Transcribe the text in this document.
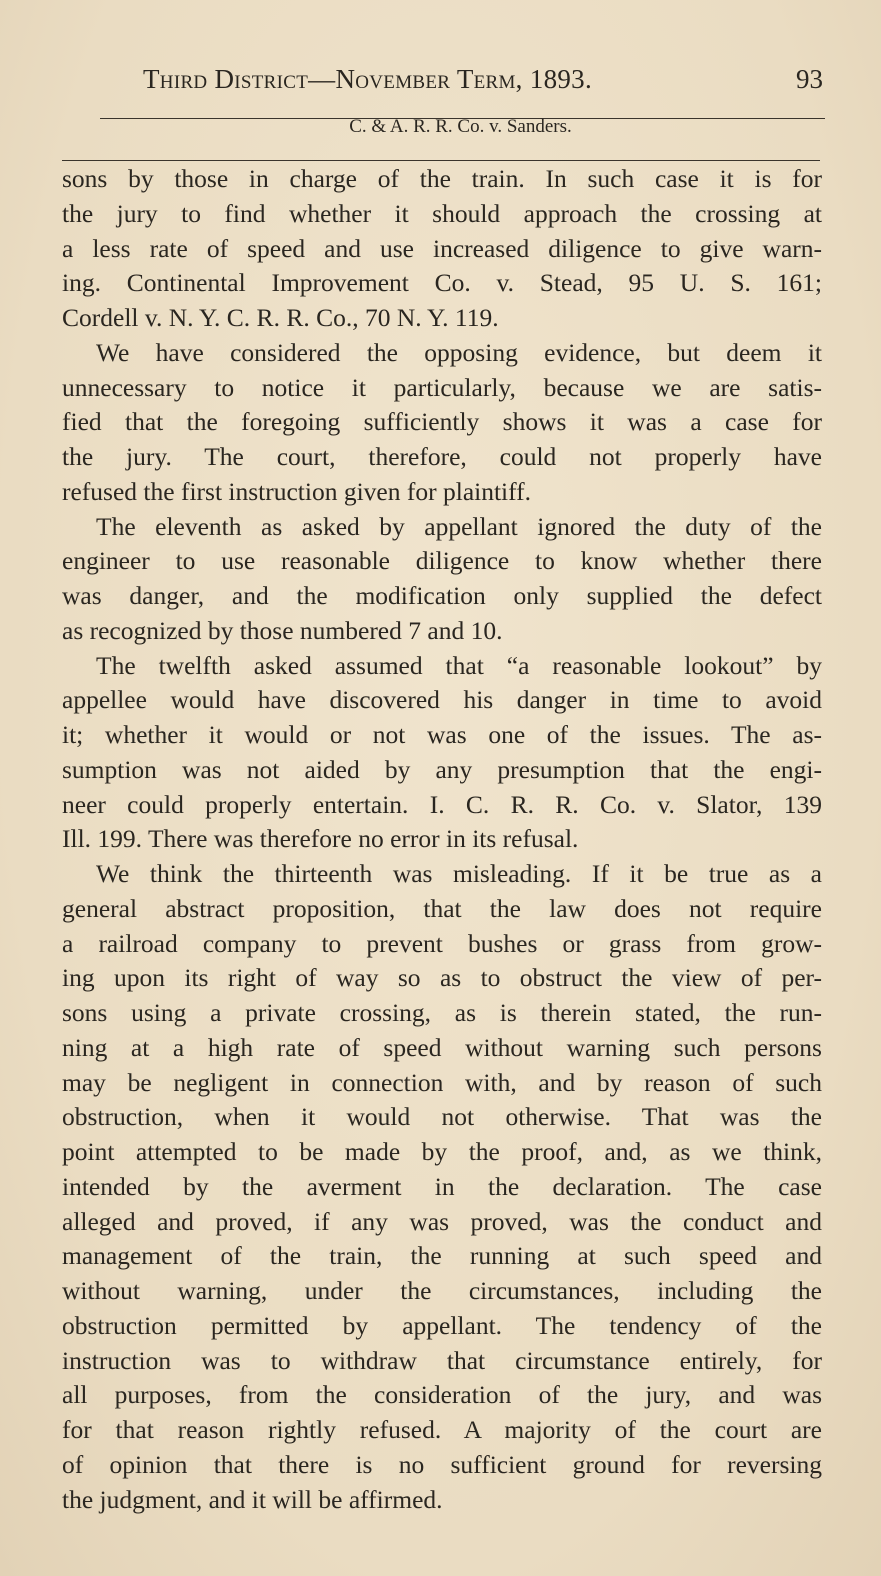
Third District—November Term, 1893.	93
C. & A. R. R. Co. v. Sanders.
sons by those in charge of the train. In such case it is for
the jury to find whether it should approach the crossing at
a less rate of speed and use increased diligence to give warn-
ing. Continental Improvement Co. v. Stead, 95 U. S. 161;
Cordell v. N. Y. C. R. R. Co., 70 N. Y. 119.
We have considered the opposing evidence, but deem it
unnecessary to notice it particularly, because we are satis-
fied that the foregoing sufficiently shows it was a case for
the jury. The court, therefore, could not properly have
refused the first instruction given for plaintiff.
The eleventh as asked by appellant ignored the duty of the
engineer to use reasonable diligence to know whether there
was danger, and the modification only supplied the defect
as recognized by those numbered 7 and 10.
The twelfth asked assumed that “a reasonable lookout” by
appellee would have discovered his danger in time to avoid
it; whether it would or not was one of the issues. The as-
sumption was not aided by any presumption that the engi-
neer could properly entertain. I. C. R. R. Co. v. Slator, 139
Ill. 199. There was therefore no error in its refusal.
We think the thirteenth was misleading. If it be true as a
general abstract proposition, that the law does not require
a railroad company to prevent bushes or grass from grow-
ing upon its right of way so as to obstruct the view of per-
sons using a private crossing, as is therein stated, the run-
ning at a high rate of speed without warning such persons
may be negligent in connection with, and by reason of such
obstruction, when it would not otherwise. That was the
point attempted to be made by the proof, and, as we think,
intended by the averment in the declaration. The case
alleged and proved, if any was proved, was the conduct and
management of the train, the running at such speed and
without warning, under the circumstances, including the
obstruction permitted by appellant. The tendency of the
instruction was to withdraw that circumstance entirely, for
all purposes, from the consideration of the jury, and was
for that reason rightly refused. A majority of the court are
of opinion that there is no sufficient ground for reversing
the judgment, and it will be affirmed.
